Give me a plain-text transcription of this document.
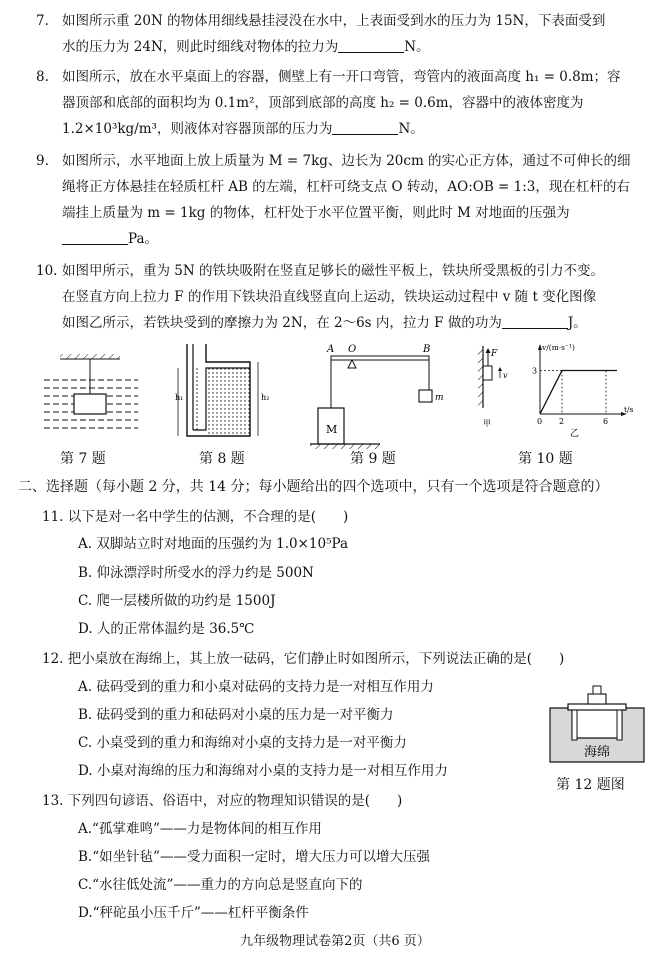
7. 如图所示重 20N 的物体用细线悬挂浸没在水中，上表面受到水的压力为 15N，下表面受到
水的压力为 24N，则此时细线对物体的拉力为	N。
8. 如图所示，放在水平桌面上的容器，侧壁上有一开口弯管，弯管内的液面高度 h₁ = 0.8m；容
器顶部和底部的面积均为 0.1m²，顶部到底部的高度 h₂ = 0.6m，容器中的液体密度为
1.2×10³kg/m³，则液体对容器顶部的压力为	N。
9. 如图所示，水平地面上放上质量为 M = 7kg、边长为 20cm 的实心正方体，通过不可伸长的细
绳将正方体悬挂在轻质杠杆 AB 的左端，杠杆可绕支点 O 转动，AO:OB = 1:3，现在杠杆的右
端挂上质量为 m = 1kg 的物体，杠杆处于水平位置平衡，则此时 M 对地面的压强为
Pa。
10. 如图甲所示，重为 5N 的铁块吸附在竖直足够长的磁性平板上，铁块所受黑板的引力不变。
在竖直方向上拉力 F 的作用下铁块沿直线竖直向上运动，铁块运动过程中 v 随 t 变化图像
如图乙所示，若铁块受到的摩擦力为 2N，在 2～6s 内，拉力 F 做的功为	J。
h₁	h₂
M
A O	B
m
F
v
甲
v/(m·s⁻¹)
t/s
3
0 2	6
乙
第 7 题	第 8 题	第 9 题	第 10 题
二、选择题（每小题 2 分，共 14 分；每小题给出的四个选项中，只有一个选项是符合题意的）
11. 以下是对一名中学生的估测，不合理的是(　　)
A. 双脚站立时对地面的压强约为 1.0×10⁵Pa
B. 仰泳漂浮时所受水的浮力约是 500N
C. 爬一层楼所做的功约是 1500J
D. 人的正常体温约是 36.5℃
12. 把小桌放在海绵上，其上放一砝码，它们静止时如图所示，下列说法正确的是(　　)
A. 砝码受到的重力和小桌对砝码的支持力是一对相互作用力
B. 砝码受到的重力和砝码对小桌的压力是一对平衡力
C. 小桌受到的重力和海绵对小桌的支持力是一对平衡力
D. 小桌对海绵的压力和海绵对小桌的支持力是一对相互作用力
海绵
第 12 题图
13. 下列四句谚语、俗语中，对应的物理知识错误的是(　　)
A.“孤掌难鸣”——力是物体间的相互作用
B.“如坐针毡”——受力面积一定时，增大压力可以增大压强
C.“水往低处流”——重力的方向总是竖直向下的
D.“秤砣虽小压千斤”——杠杆平衡条件
九年级物理试卷第2页（共6 页）
